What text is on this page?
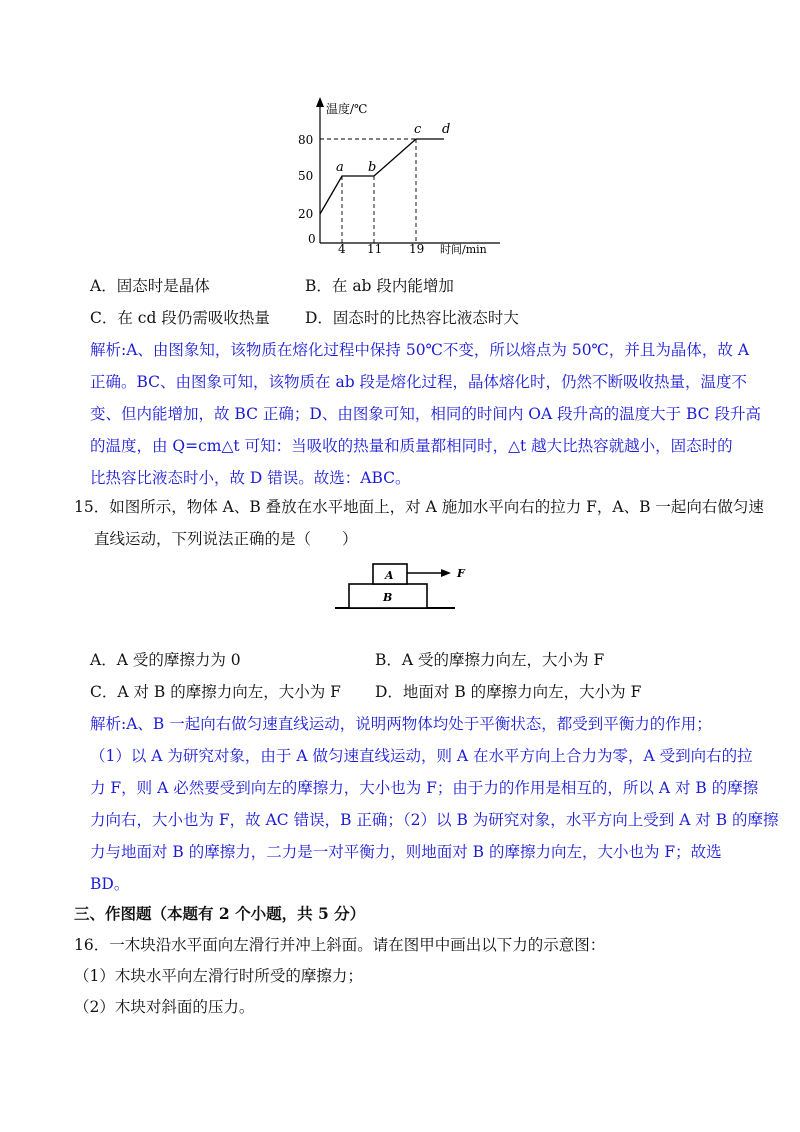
温度/℃
80
50
20
0
4 11 19 时间/min
a b
c d
A．固态时是晶体	B．在 ab 段内能增加
C．在 cd 段仍需吸收热量 D．固态时的比热容比液态时大
解析:A、由图象知，该物质在熔化过程中保持 50℃不变，所以熔点为 50℃，并且为晶体，故 A
正确。BC、由图象可知，该物质在 ab 段是熔化过程，晶体熔化时，仍然不断吸收热量，温度不
变、但内能增加，故 BC 正确；D、由图象可知，相同的时间内 OA 段升高的温度大于 BC 段升高
的温度，由 Q=cm△t 可知：当吸收的热量和质量都相同时，△t 越大比热容就越小，固态时的
比热容比液态时小，故 D 错误。故选：ABC。
15．如图所示，物体 A、B 叠放在水平地面上，对 A 施加水平向右的拉力 F，A、B 一起向右做匀速
直线运动，下列说法正确的是（　　）
A
B
F
A．A 受的摩擦力为 0	B．A 受的摩擦力向左，大小为 F
C．A 对 B 的摩擦力向左，大小为 F D．地面对 B 的摩擦力向左，大小为 F
解析:A、B 一起向右做匀速直线运动，说明两物体均处于平衡状态，都受到平衡力的作用；
（1）以 A 为研究对象，由于 A 做匀速直线运动，则 A 在水平方向上合力为零，A 受到向右的拉
力 F，则 A 必然要受到向左的摩擦力，大小也为 F；由于力的作用是相互的，所以 A 对 B 的摩擦
力向右，大小也为 F，故 AC 错误，B 正确；（2）以 B 为研究对象，水平方向上受到 A 对 B 的摩擦
力与地面对 B 的摩擦力，二力是一对平衡力，则地面对 B 的摩擦力向左，大小也为 F；故选
BD。
三、作图题（本题有 2 个小题，共 5 分）
16．一木块沿水平面向左滑行并冲上斜面。请在图甲中画出以下力的示意图：
（1）木块水平向左滑行时所受的摩擦力；
（2）木块对斜面的压力。
